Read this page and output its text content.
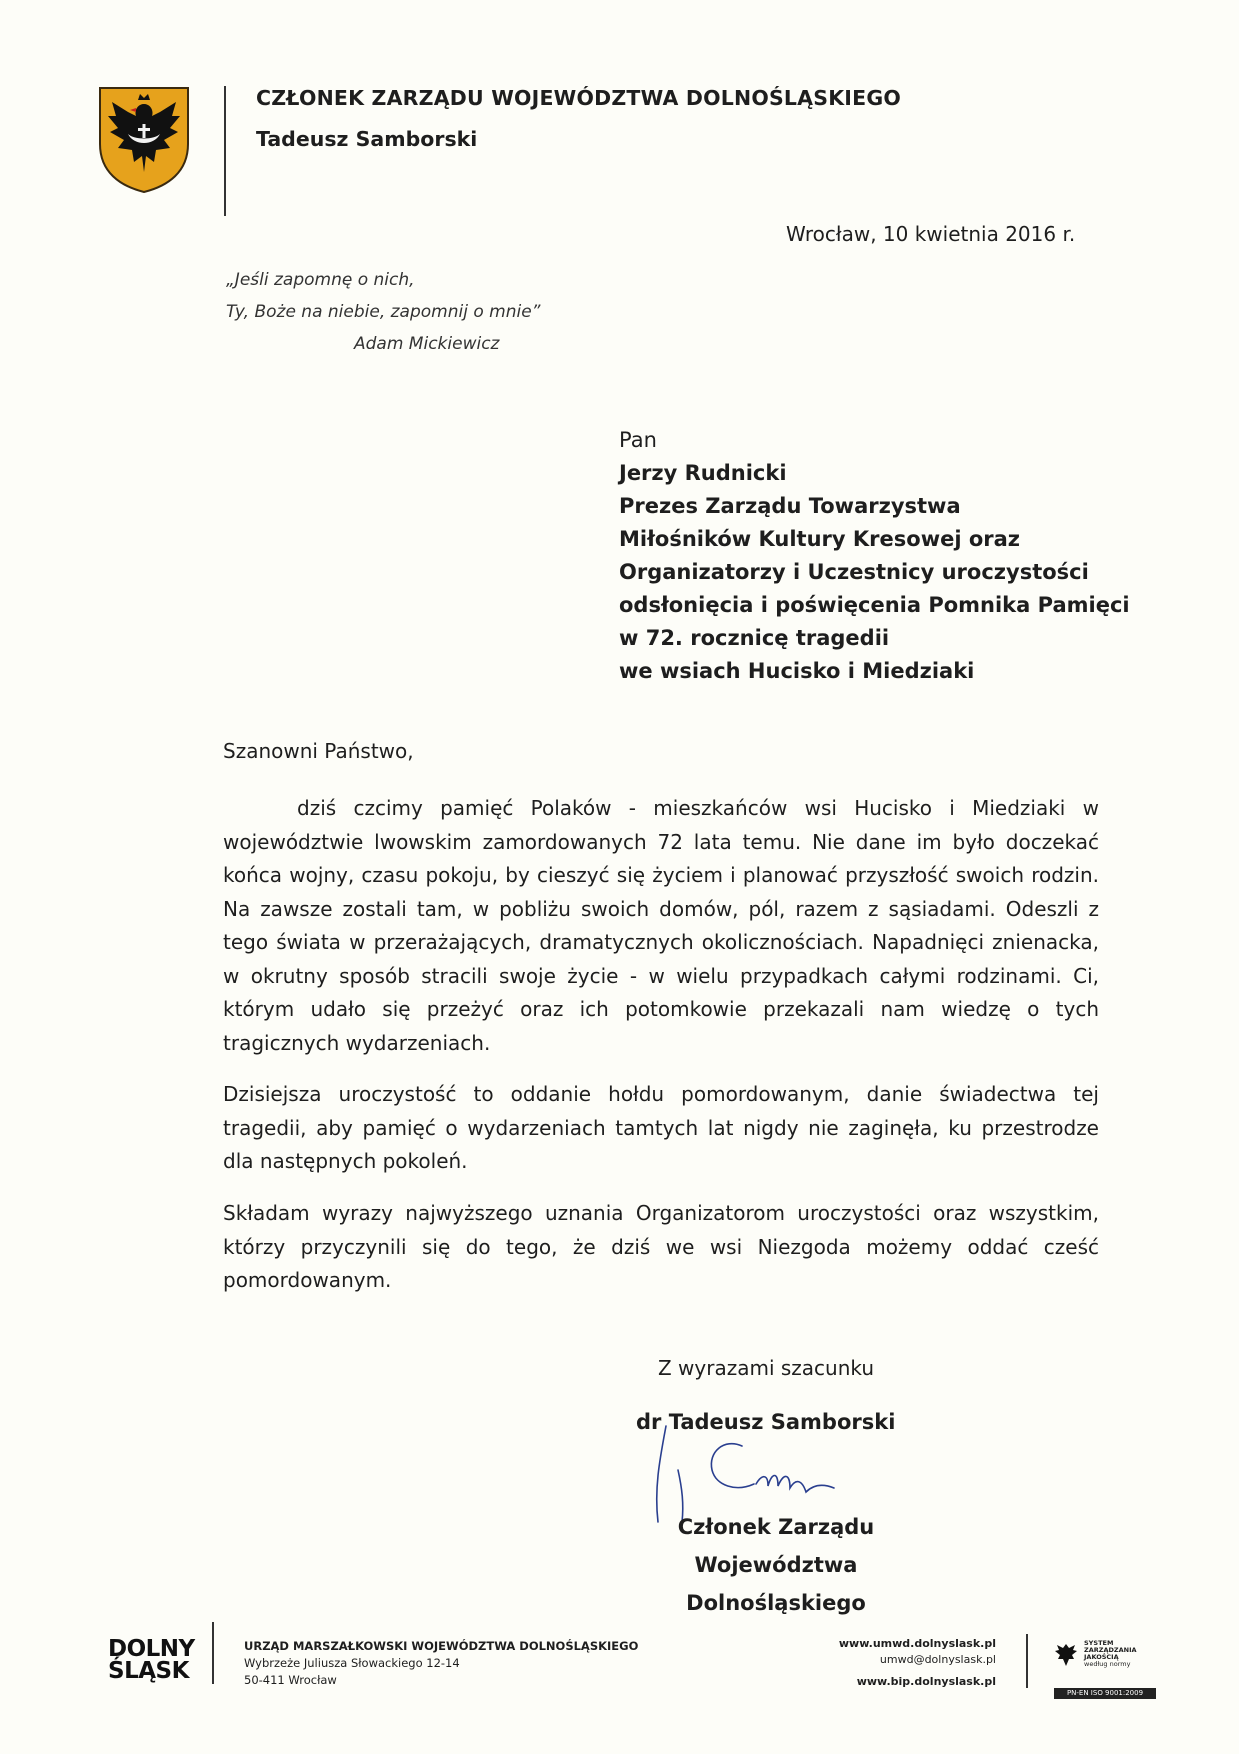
CZŁONEK ZARZĄDU WOJEWÓDZTWA DOLNOŚLĄSKIEGO
Tadeusz Samborski
Wrocław, 10 kwietnia 2016 r.
„Jeśli zapomnę o nich,
Ty, Boże na niebie, zapomnij o mnie”
Adam Mickiewicz
Pan
Jerzy Rudnicki
Prezes Zarządu Towarzystwa
Miłośników Kultury Kresowej oraz
Organizatorzy i Uczestnicy uroczystości
odsłonięcia i poświęcenia Pomnika Pamięci
w 72. rocznicę tragedii
we wsiach Hucisko i Miedziaki
Szanowni Państwo,
dziś czcimy pamięć Polaków - mieszkańców wsi Hucisko i Miedziaki w województwie lwowskim zamordowanych 72 lata temu. Nie dane im było doczekać końca wojny, czasu pokoju, by cieszyć się życiem i planować przyszłość swoich rodzin. Na zawsze zostali tam, w pobliżu swoich domów, pól, razem z sąsiadami. Odeszli z tego świata w przerażających, dramatycznych okolicznościach. Napadnięci znienacka, w okrutny sposób stracili swoje życie - w wielu przypadkach całymi rodzinami. Ci, którym udało się przeżyć oraz ich potomkowie przekazali nam wiedzę o tych tragicznych wydarzeniach.
Dzisiejsza uroczystość to oddanie hołdu pomordowanym, danie świadectwa tej tragedii, aby pamięć o wydarzeniach tamtych lat nigdy nie zaginęła, ku przestrodze dla następnych pokoleń.
Składam wyrazy najwyższego uznania Organizatorom uroczystości oraz wszystkim, którzy przyczynili się do tego, że dziś we wsi Niezgoda możemy oddać cześć pomordowanym.
Z wyrazami szacunku
dr Tadeusz Samborski
Członek Zarządu Województwa
Dolnośląskiego
DOLNY
ŚLĄSK
URZĄD MARSZAŁKOWSKI WOJEWÓDZTWA DOLNOŚLĄSKIEGO
Wybrzeże Juliusza Słowackiego 12-14
50-411 Wrocław
www.umwd.dolnyslask.pl
umwd@dolnyslask.pl
www.bip.dolnyslask.pl
SYSTEM
ZARZĄDZANIA
JAKOŚCIĄ
według normy
PN-EN ISO 9001:2009
